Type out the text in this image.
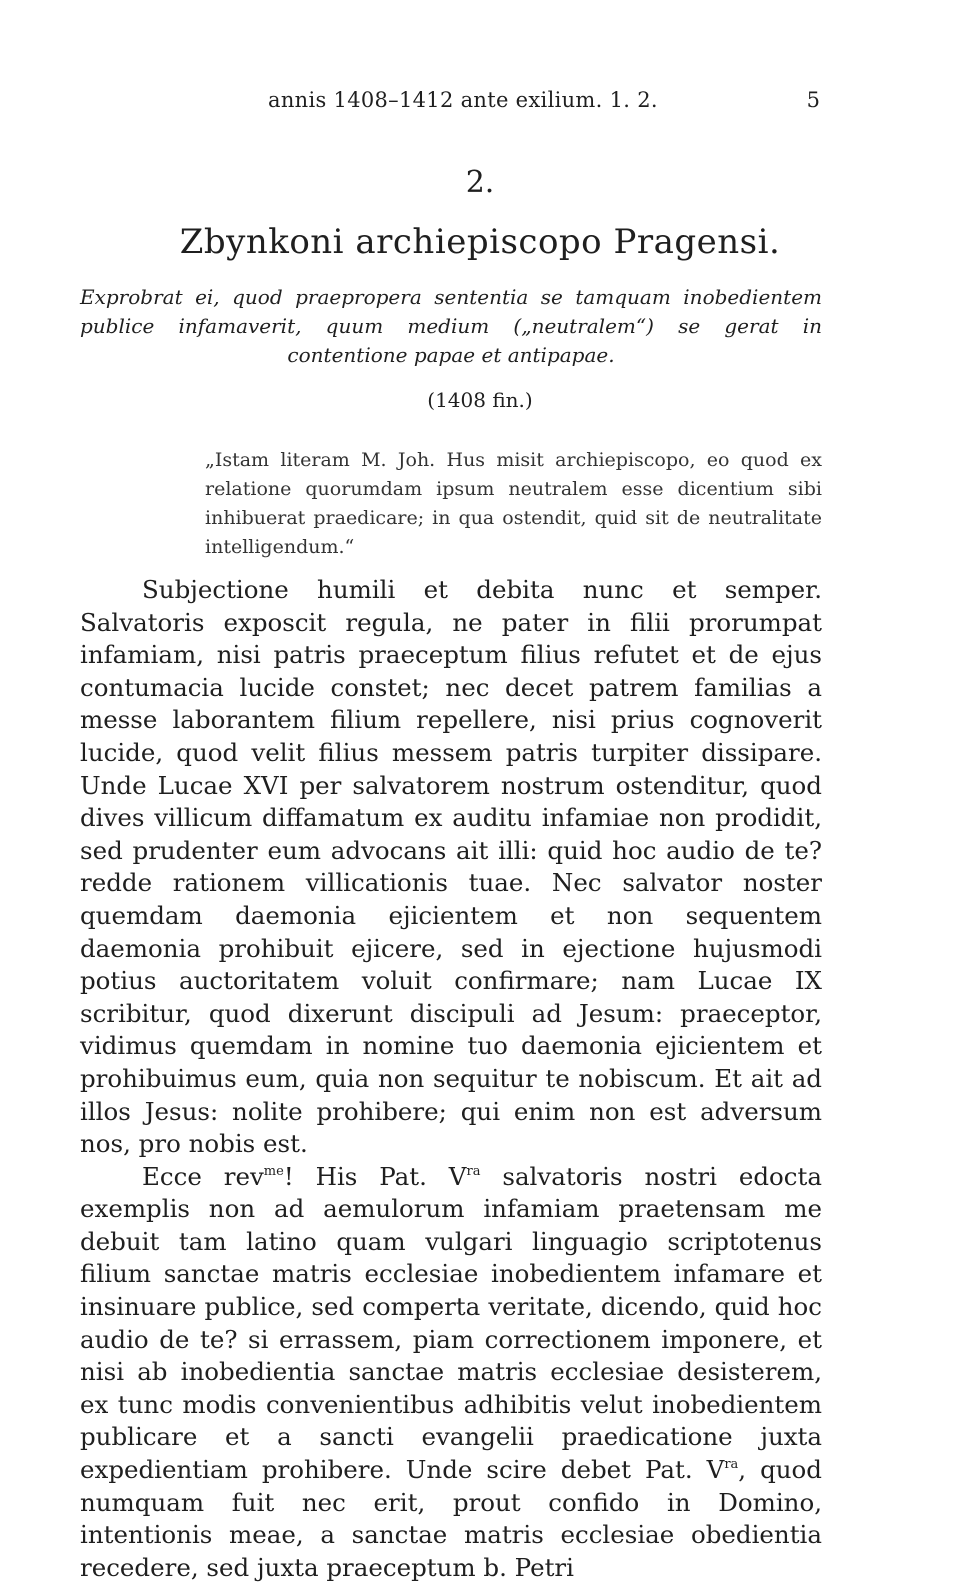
annis 1408–1412 ante exilium. 1. 2.	5
2.
Zbynkoni archiepiscopo Pragensi.
Exprobrat ei, quod praepropera sententia se tamquam inobedientem publice infamaverit, quum medium („neutralem“) se gerat in contentione papae et antipapae.
(1408 fin.)
„Istam literam M. Joh. Hus misit archiepiscopo, eo quod ex relatione quorumdam ipsum neutralem esse dicentium sibi inhibuerat praedicare; in qua ostendit, quid sit de neutralitate intelligendum.“

Subjectione humili et debita nunc et semper. Salvatoris exposcit regula, ne pater in filii prorumpat infamiam, nisi patris praeceptum filius refutet et de ejus contumacia lucide constet; nec decet patrem familias a messe laborantem filium repellere, nisi prius cognoverit lucide, quod velit filius messem patris turpiter dissipare. Unde Lucae XVI per salvatorem nostrum ostenditur, quod dives villicum diffamatum ex auditu infamiae non prodidit, sed prudenter eum advocans ait illi: quid hoc audio de te? redde rationem villicationis tuae. Nec salvator noster quemdam daemonia ejicientem et non sequentem daemonia prohibuit ejicere, sed in ejectione hujusmodi potius auctoritatem voluit confirmare; nam Lucae IX scribitur, quod dixerunt discipuli ad Jesum: praeceptor, vidimus quemdam in nomine tuo daemonia ejicientem et prohibuimus eum, quia non sequitur te nobiscum. Et ait ad illos Jesus: nolite prohibere; qui enim non est adversum nos, pro nobis est.

Ecce rev$^{me}$! His Pat. $V^{ra}$ salvatoris nostri edocta exemplis non ad aemulorum infamiam praetensam me debuit tam latino quam vulgari linguagio scriptotenus filium sanctae matris ecclesiae inobedientem infamare et insinuare publice, sed comperta veritate, dicendo, quid hoc audio de te? si errassem, piam correctionem imponere, et nisi ab inobedientia sanctae matris ecclesiae desisterem, ex tunc modis convenientibus adhibitis velut inobedientem publicare et a sancti evangelii praedicatione juxta expedientiam prohibere. Unde scire debet Pat. $V^{ra}$, quod numquam fuit nec erit, prout confido in Domino, intentionis meae, a sanctae matris ecclesiae obedientia recedere, sed juxta praeceptum b. Petri
